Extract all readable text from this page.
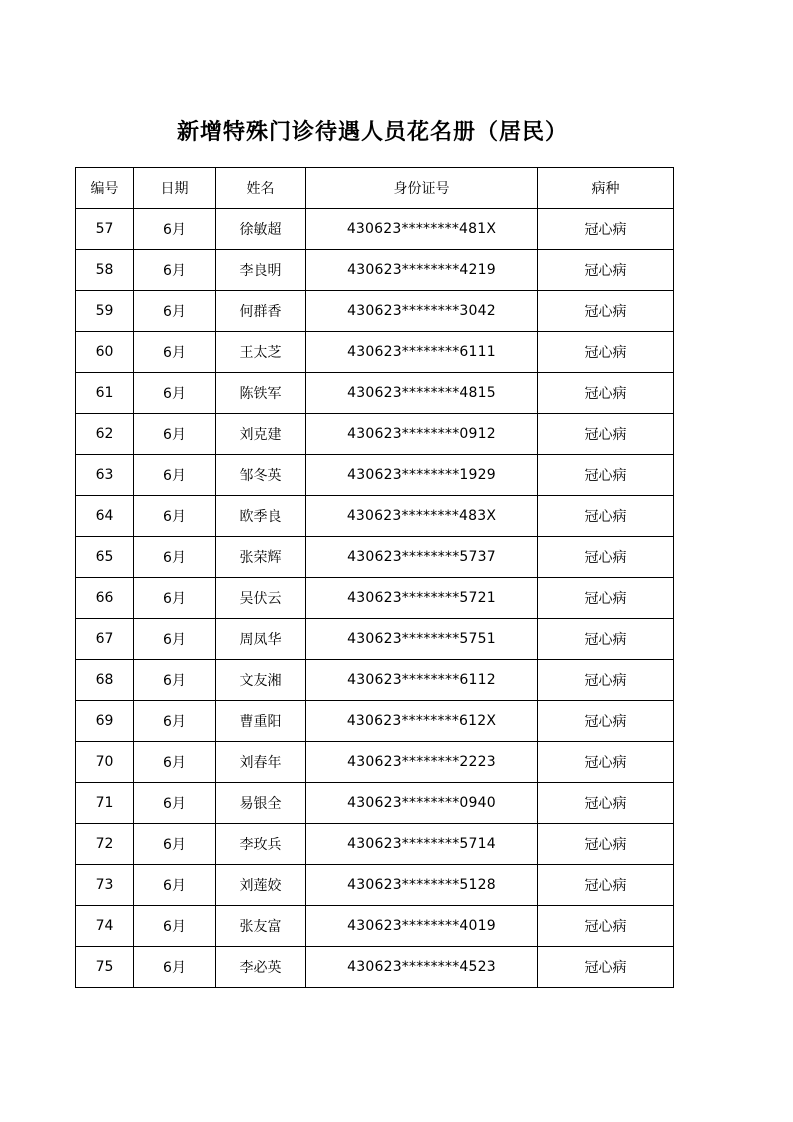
新增特殊门诊待遇人员花名册（居民）
编号	日期	姓名	身份证号	病种
57	6月	徐敏超	430623********481X	冠心病
58	6月	李良明	430623********4219	冠心病
59	6月	何群香	430623********3042	冠心病
60	6月	王太芝	430623********6111	冠心病
61	6月	陈铁军	430623********4815	冠心病
62	6月	刘克建	430623********0912	冠心病
63	6月	邹冬英	430623********1929	冠心病
64	6月	欧季良	430623********483X	冠心病
65	6月	张荣辉	430623********5737	冠心病
66	6月	吴伏云	430623********5721	冠心病
67	6月	周凤华	430623********5751	冠心病
68	6月	文友湘	430623********6112	冠心病
69	6月	曹重阳	430623********612X	冠心病
70	6月	刘春年	430623********2223	冠心病
71	6月	易银全	430623********0940	冠心病
72	6月	李玫兵	430623********5714	冠心病
73	6月	刘莲姣	430623********5128	冠心病
74	6月	张友富	430623********4019	冠心病
75	6月	李必英	430623********4523	冠心病
